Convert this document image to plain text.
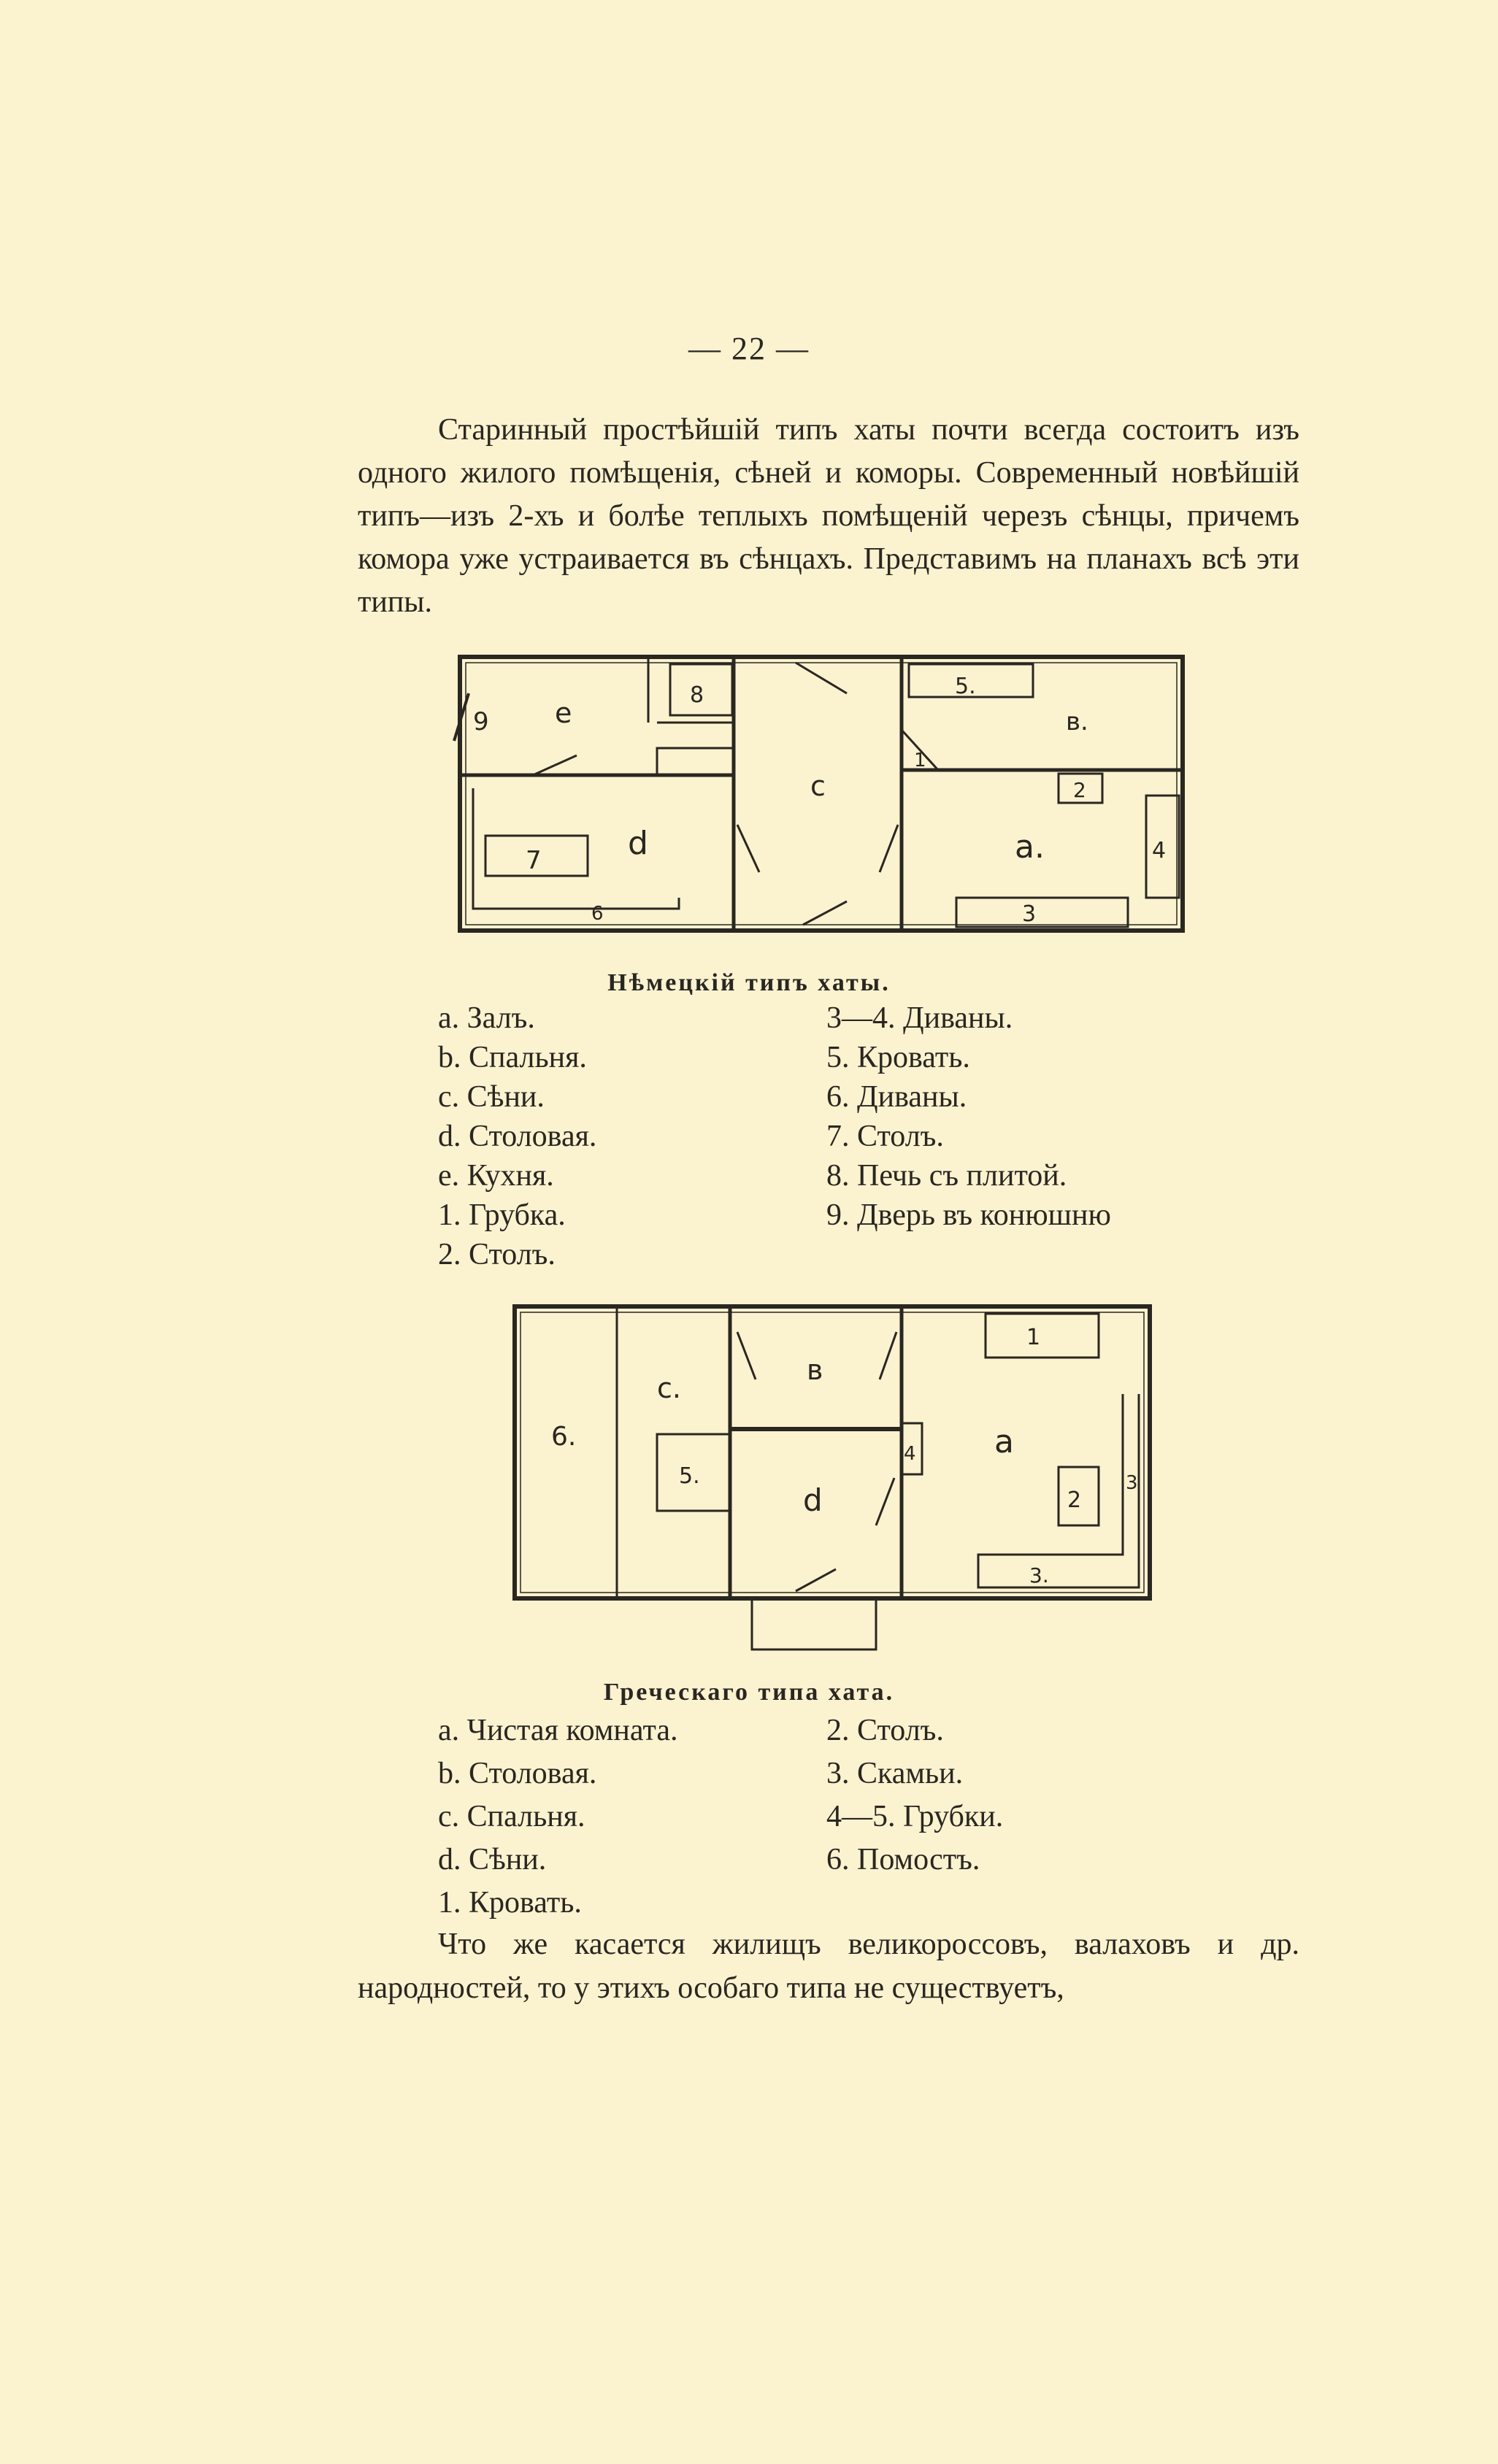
— 22 —

Старинный простѣйшій типъ хаты почти всегда состоитъ изъ одного жилого помѣщенія, сѣней и коморы. Современный новѣйшій типъ—изъ 2-хъ и болѣе теплыхъ помѣщеній черезъ сѣнцы, причемъ комора уже устраивается въ сѣнцахъ. Представимъ на планахъ всѣ эти типы.

9 e
8
d
7
6
c
5.
в.
1
2
a.	4
3
Нѣмецкій типъ хаты.
a. Залъ.
b. Спальня.
c. Сѣни.
d. Столовая.
e. Кухня.
1. Грубка.
2. Столъ.
3—4. Диваны.
5. Кровать.
6. Диваны.
7. Столъ.
8. Печь съ плитой.
9. Дверь въ конюшню
6.
c.
5.
в
d
4 a
1
2
3
3.
Греческаго типа хата.
a. Чистая комната.
b. Столовая.
c. Спальня.
d. Сѣни.
1. Кровать.
2. Столъ.
3. Скамьи.
4—5. Грубки.
6. Помостъ.

Что же касается жилищъ великороссовъ, валаховъ и др. народностей, то у этихъ особаго типа не существуетъ,
